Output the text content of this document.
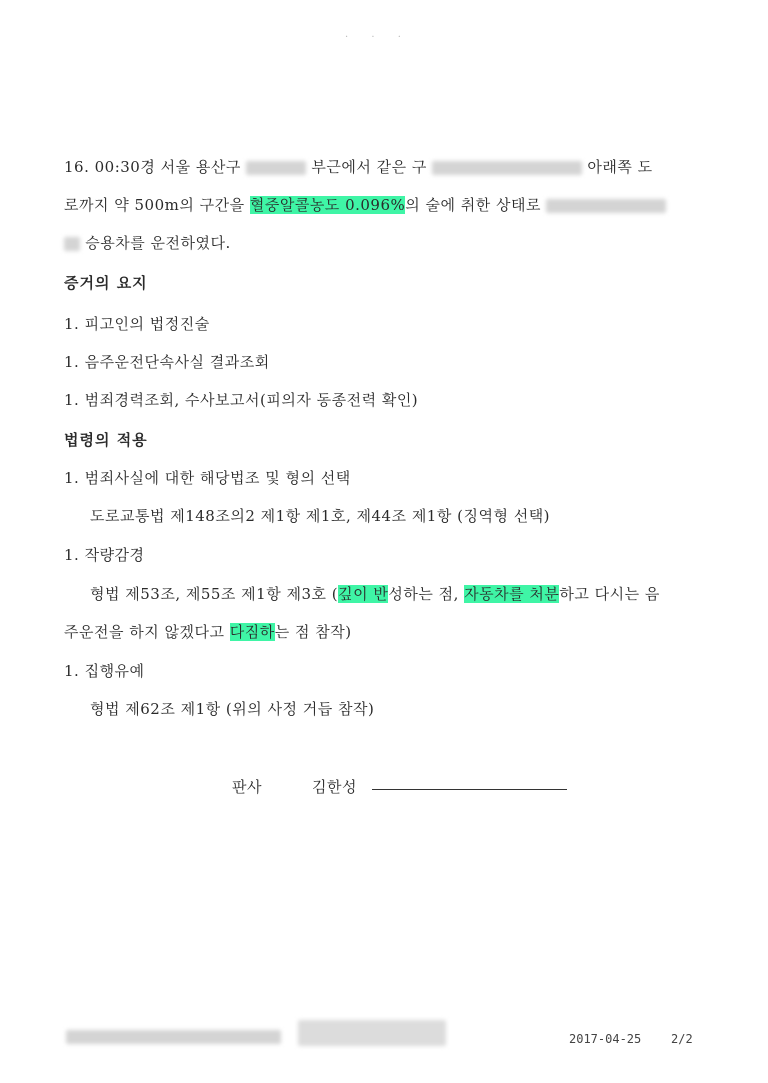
· · ·
16. 00:30경 서울 용산구	부근에서 같은 구	아래쪽 도
로까지 약 500m의 구간을 혈중알콜농도 0.096%의 술에 취한 상태로
승용차를 운전하였다.
증거의 요지
1. 피고인의 법정진술
1. 음주운전단속사실 결과조회
1. 범죄경력조회, 수사보고서(피의자 동종전력 확인)
법령의 적용
1. 범죄사실에 대한 해당법조 및 형의 선택
도로교통법 제148조의2 제1항 제1호, 제44조 제1항 (징역형 선택)
1. 작량감경
형법 제53조, 제55조 제1항 제3호 (깊이 반성하는 점, 자동차를 처분하고 다시는 음
주운전을 하지 않겠다고 다짐하는 점 참작)
1. 집행유예
형법 제62조 제1항 (위의 사정 거듭 참작)
판사	김한성
2017-04-25 2/2
